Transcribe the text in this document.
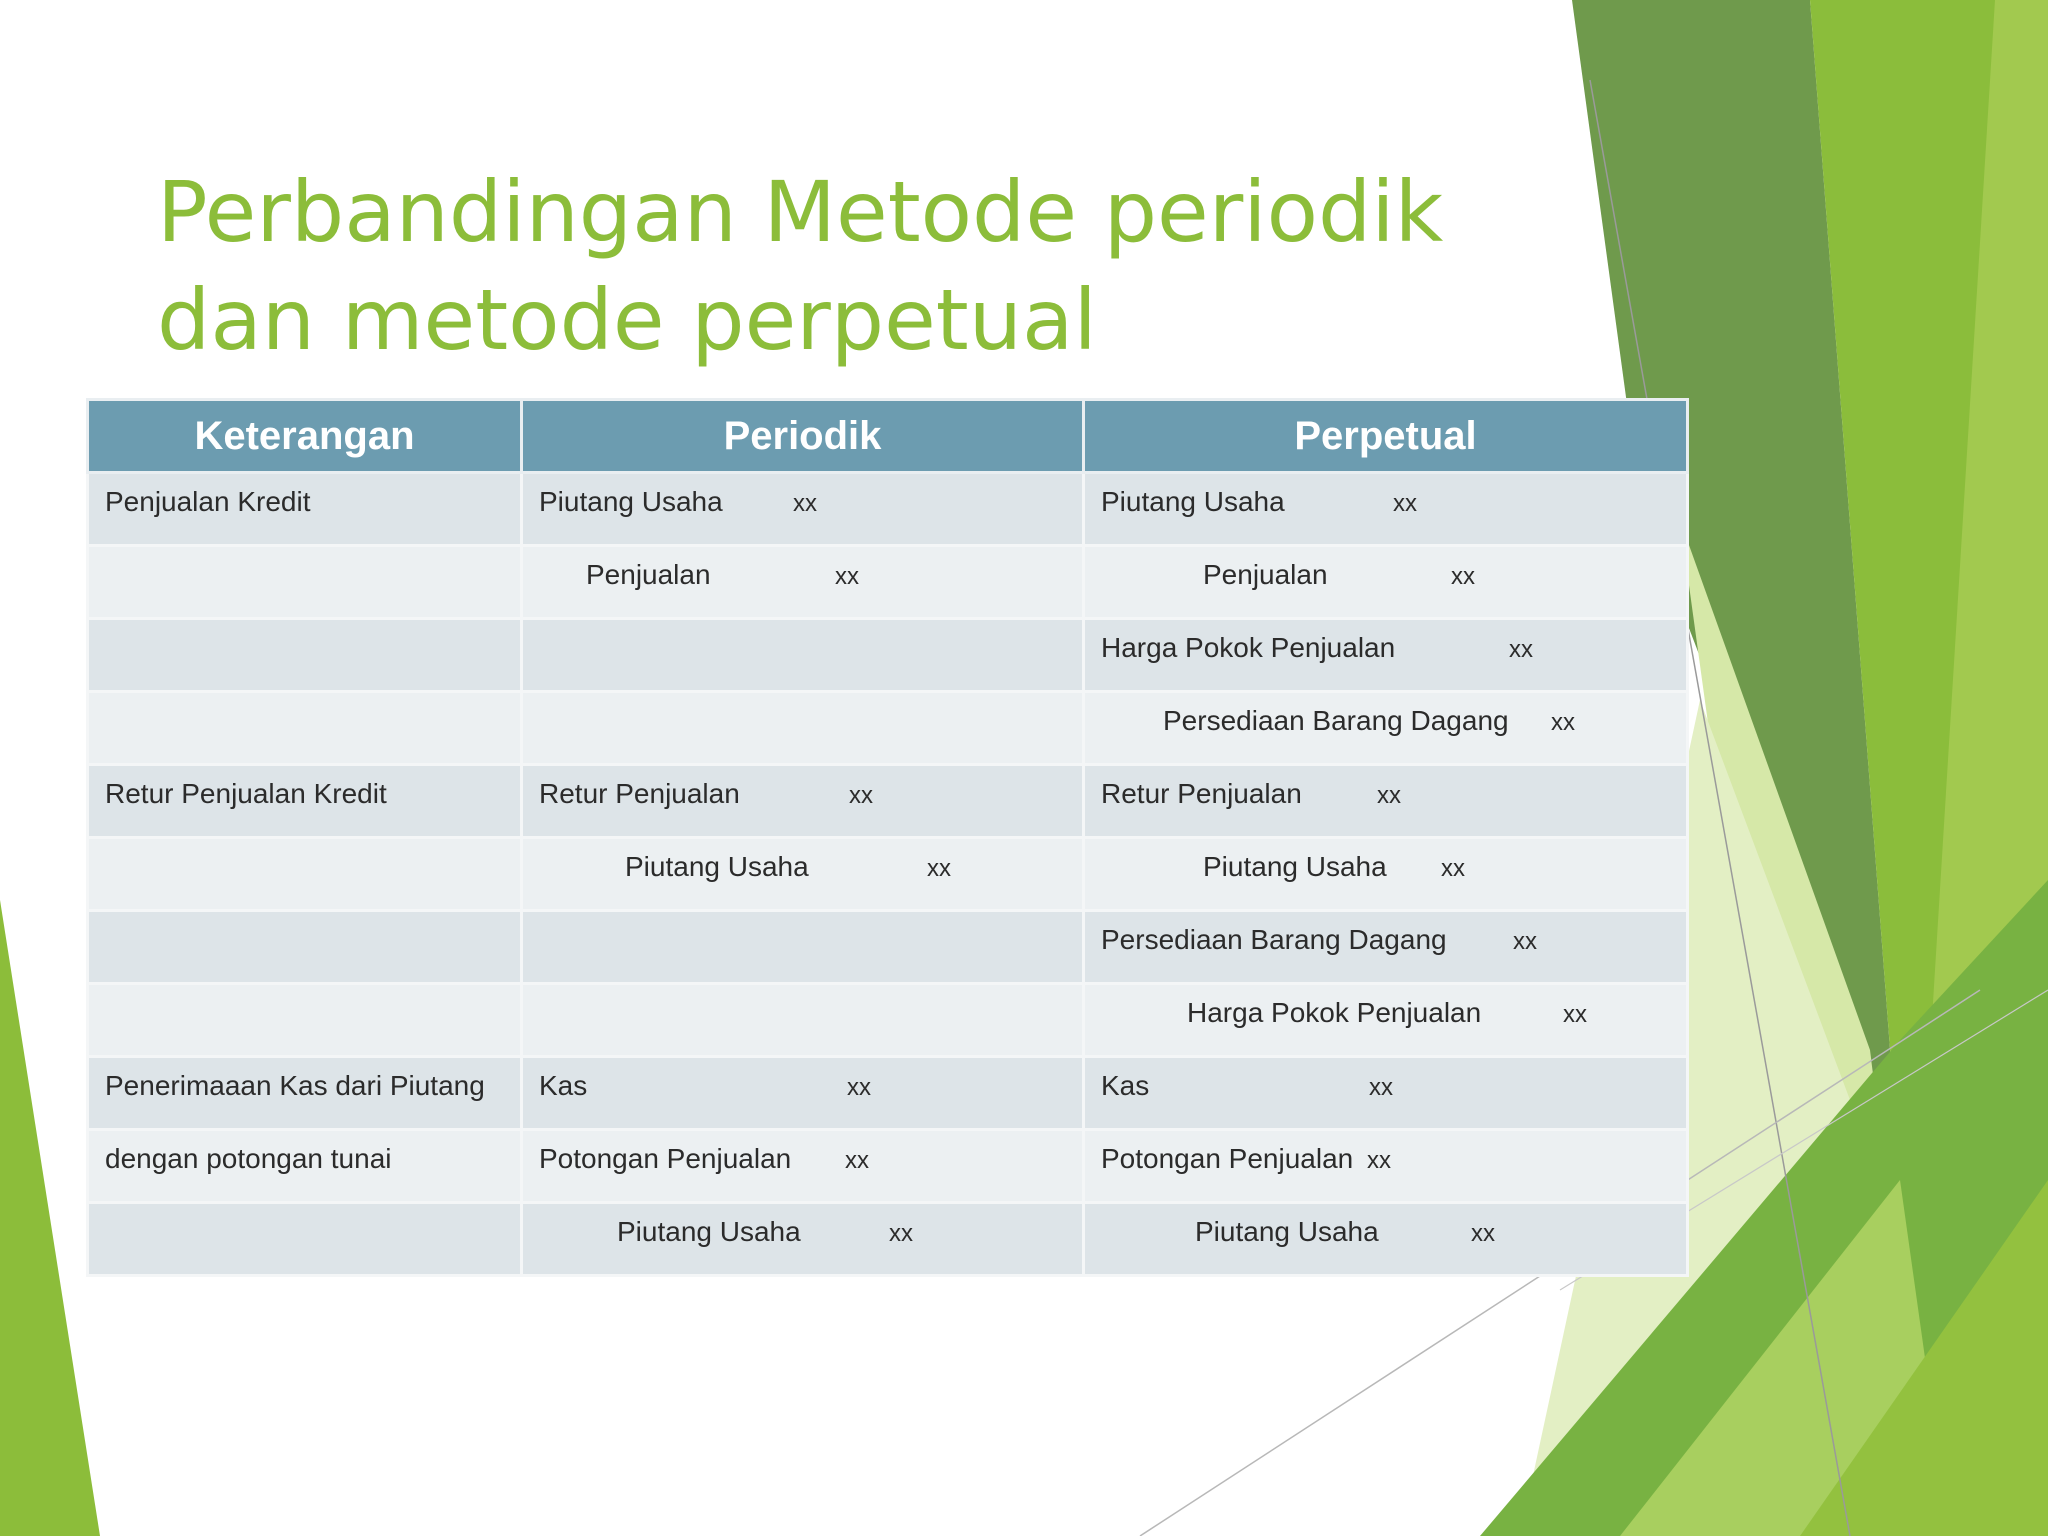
Perbandingan Metode periodik
dan metode perpetual
Keterangan	Periodik	Perpetual
Penjualan Kredit	Piutang Usaha xx	Piutang Usaha xx

	Penjualan xx	Penjualan xx

		Harga Pokok Penjualan xx

		Persediaan Barang Dagang xx

Retur Penjualan Kredit	Retur Penjualan xx	Retur Penjualan xx

	Piutang Usaha xx	Piutang Usaha xx

		Persediaan Barang Dagang xx

		Harga Pokok Penjualan xx

Penerimaaan Kas dari Piutang	Kas xx	Kas xx

dengan potongan tunai	Potongan Penjualan xx	Potongan Penjualan xx

	Piutang Usaha xx	Piutang Usaha xx
